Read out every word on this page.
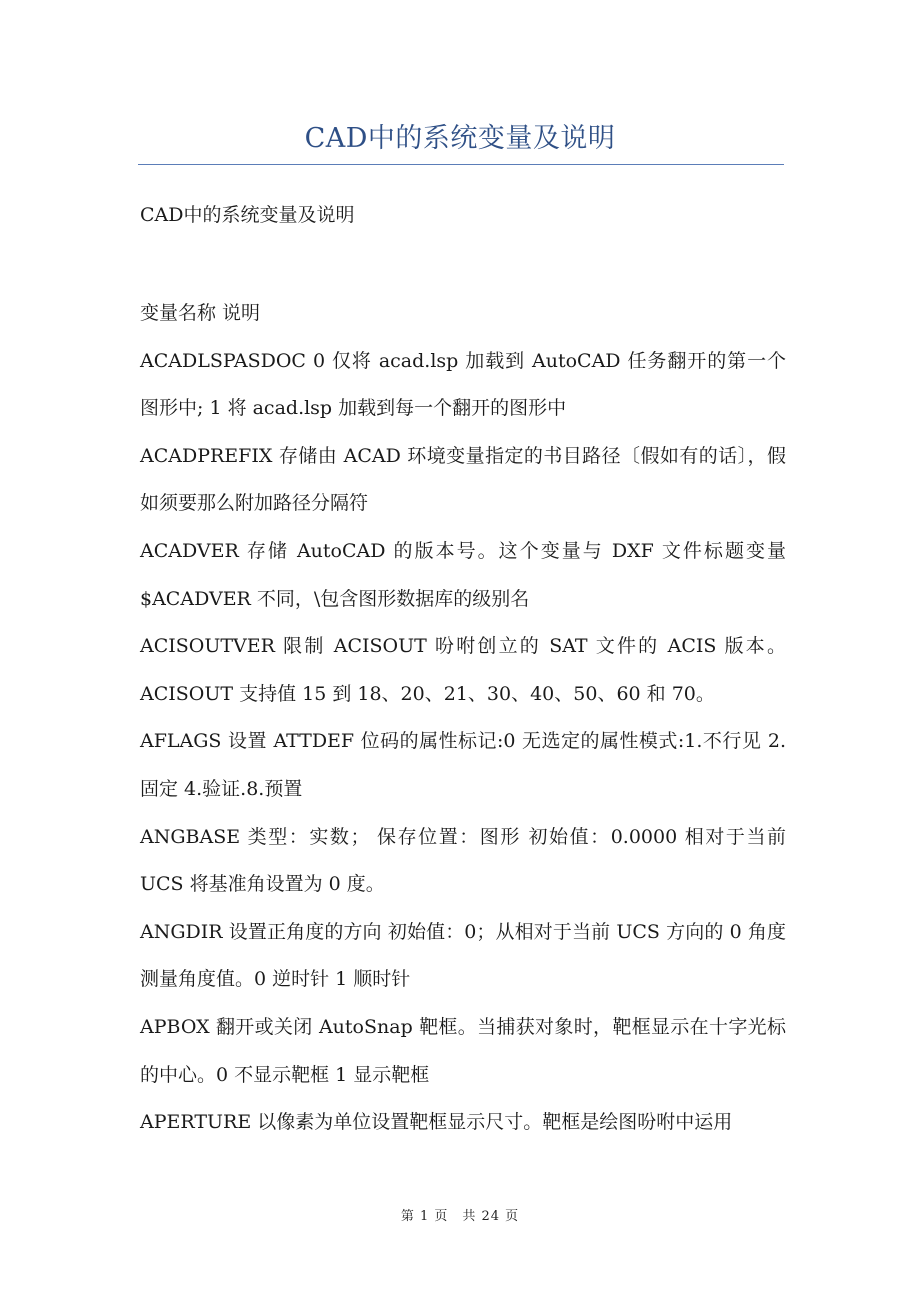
CAD中的系统变量及说明
CAD中的系统变量及说明

变量名称 说明

ACADLSPASDOC 0 仅将 acad.lsp 加载到 AutoCAD 任务翻开的第一个图形中; 1 将 acad.lsp 加载到每一个翻开的图形中

ACADPREFIX 存储由 ACAD 环境变量指定的书目路径〔假如有的话〕，假如须要那么附加路径分隔符

ACADVER 存储 AutoCAD 的版本号。这个变量与 DXF 文件标题变量 $ACADVER 不同，\包含图形数据库的级别名

ACISOUTVER 限制 ACISOUT 吩咐创立的 SAT 文件的 ACIS 版本。ACISOUT 支持值 15 到 18、20、21、30、40、50、60 和 70。

AFLAGS 设置 ATTDEF 位码的属性标记:0 无选定的属性模式:1.不行见 2.固定 4.验证.8.预置

ANGBASE 类型：实数； 保存位置：图形 初始值：0.0000 相对于当前 UCS 将基准角设置为 0 度。

ANGDIR 设置正角度的方向 初始值：0；从相对于当前 UCS 方向的 0 角度测量角度值。0 逆时针 1 顺时针

APBOX 翻开或关闭 AutoSnap 靶框。当捕获对象时，靶框显示在十字光标的中心。0 不显示靶框 1 显示靶框

APERTURE 以像素为单位设置靶框显示尺寸。靶框是绘图吩咐中运用

第 1 页　共 24 页
